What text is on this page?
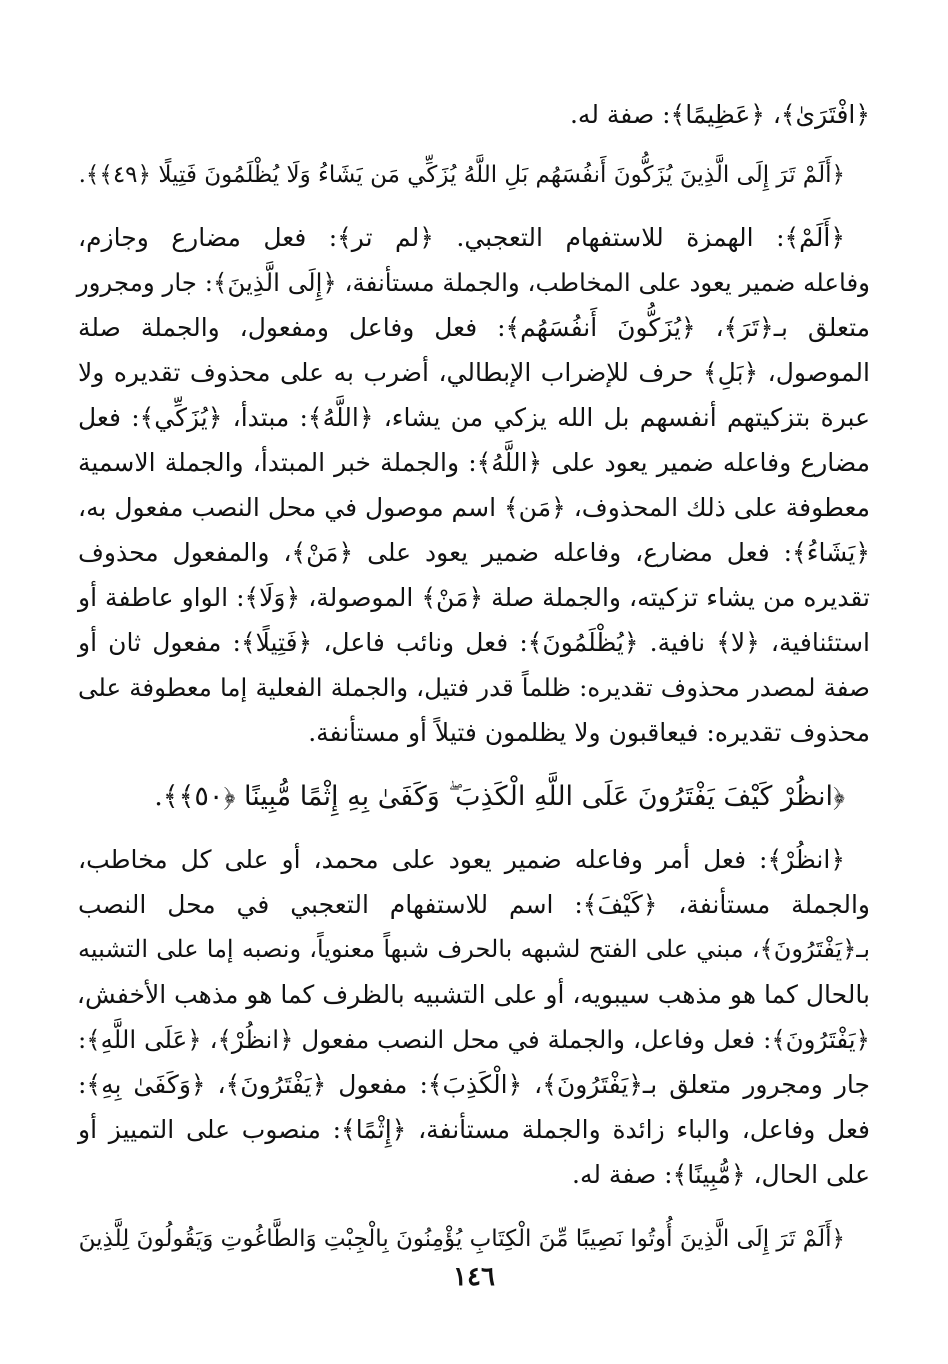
﴿افْتَرَىٰ﴾، ﴿عَظِيمًا﴾: صفة له.

﴿أَلَمْ تَرَ إِلَى الَّذِينَ يُزَكُّونَ أَنفُسَهُم بَلِ اللَّهُ يُزَكِّي مَن يَشَاءُ وَلَا يُظْلَمُونَ فَتِيلًا ﴿٤٩﴾﴾.

﴿أَلَمْ﴾: الهمزة للاستفهام التعجبي. ﴿لم تر﴾: فعل مضارع وجازم،

وفاعله ضمير يعود على المخاطب، والجملة مستأنفة، ﴿إِلَى الَّذِينَ﴾: جار ومجرور

متعلق بـ﴿تَرَ﴾، ﴿يُزَكُّونَ أَنفُسَهُم﴾: فعل وفاعل ومفعول، والجملة صلة

الموصول، ﴿بَلِ﴾ حرف للإضراب الإبطالي، أضرب به على محذوف تقديره ولا

عبرة بتزكيتهم أنفسهم بل الله يزكي من يشاء، ﴿اللَّهُ﴾: مبتدأ، ﴿يُزَكِّي﴾: فعل

مضارع وفاعله ضمير يعود على ﴿اللَّهُ﴾: والجملة خبر المبتدأ، والجملة الاسمية

معطوفة على ذلك المحذوف، ﴿مَن﴾ اسم موصول في محل النصب مفعول به،

﴿يَشَاءُ﴾: فعل مضارع، وفاعله ضمير يعود على ﴿مَنْ﴾، والمفعول محذوف

تقديره من يشاء تزكيته، والجملة صلة ﴿مَنْ﴾ الموصولة، ﴿وَلَا﴾: الواو عاطفة أو

استئنافية، ﴿لا﴾ نافية. ﴿يُظْلَمُونَ﴾: فعل ونائب فاعل، ﴿فَتِيلًا﴾: مفعول ثان أو

صفة لمصدر محذوف تقديره: ظلماً قدر فتيل، والجملة الفعلية إما معطوفة على

محذوف تقديره: فيعاقبون ولا يظلمون فتيلاً أو مستأنفة.

﴿انظُرْ كَيْفَ يَفْتَرُونَ عَلَى اللَّهِ الْكَذِبَ ۖ وَكَفَىٰ بِهِ إِثْمًا مُّبِينًا ﴿٥٠﴾﴾.

﴿انظُرْ﴾: فعل أمر وفاعله ضمير يعود على محمد، أو على كل مخاطب،

والجملة مستأنفة، ﴿كَيْفَ﴾: اسم للاستفهام التعجبي في محل النصب

بـ﴿يَفْتَرُونَ﴾، مبني على الفتح لشبهه بالحرف شبهاً معنوياً، ونصبه إما على التشبيه

بالحال كما هو مذهب سيبويه، أو على التشبيه بالظرف كما هو مذهب الأخفش،

﴿يَفْتَرُونَ﴾: فعل وفاعل، والجملة في محل النصب مفعول ﴿انظُرْ﴾، ﴿عَلَى اللَّهِ﴾:

جار ومجرور متعلق بـ﴿يَفْتَرُونَ﴾، ﴿الْكَذِبَ﴾: مفعول ﴿يَفْتَرُونَ﴾، ﴿وَكَفَىٰ بِهِ﴾:

فعل وفاعل، والباء زائدة والجملة مستأنفة، ﴿إِثْمًا﴾: منصوب على التمييز أو

على الحال، ﴿مُّبِينًا﴾: صفة له.

﴿أَلَمْ تَرَ إِلَى الَّذِينَ أُوتُوا نَصِيبًا مِّنَ الْكِتَابِ يُؤْمِنُونَ بِالْجِبْتِ وَالطَّاغُوتِ وَيَقُولُونَ لِلَّذِينَ
١٤٦
